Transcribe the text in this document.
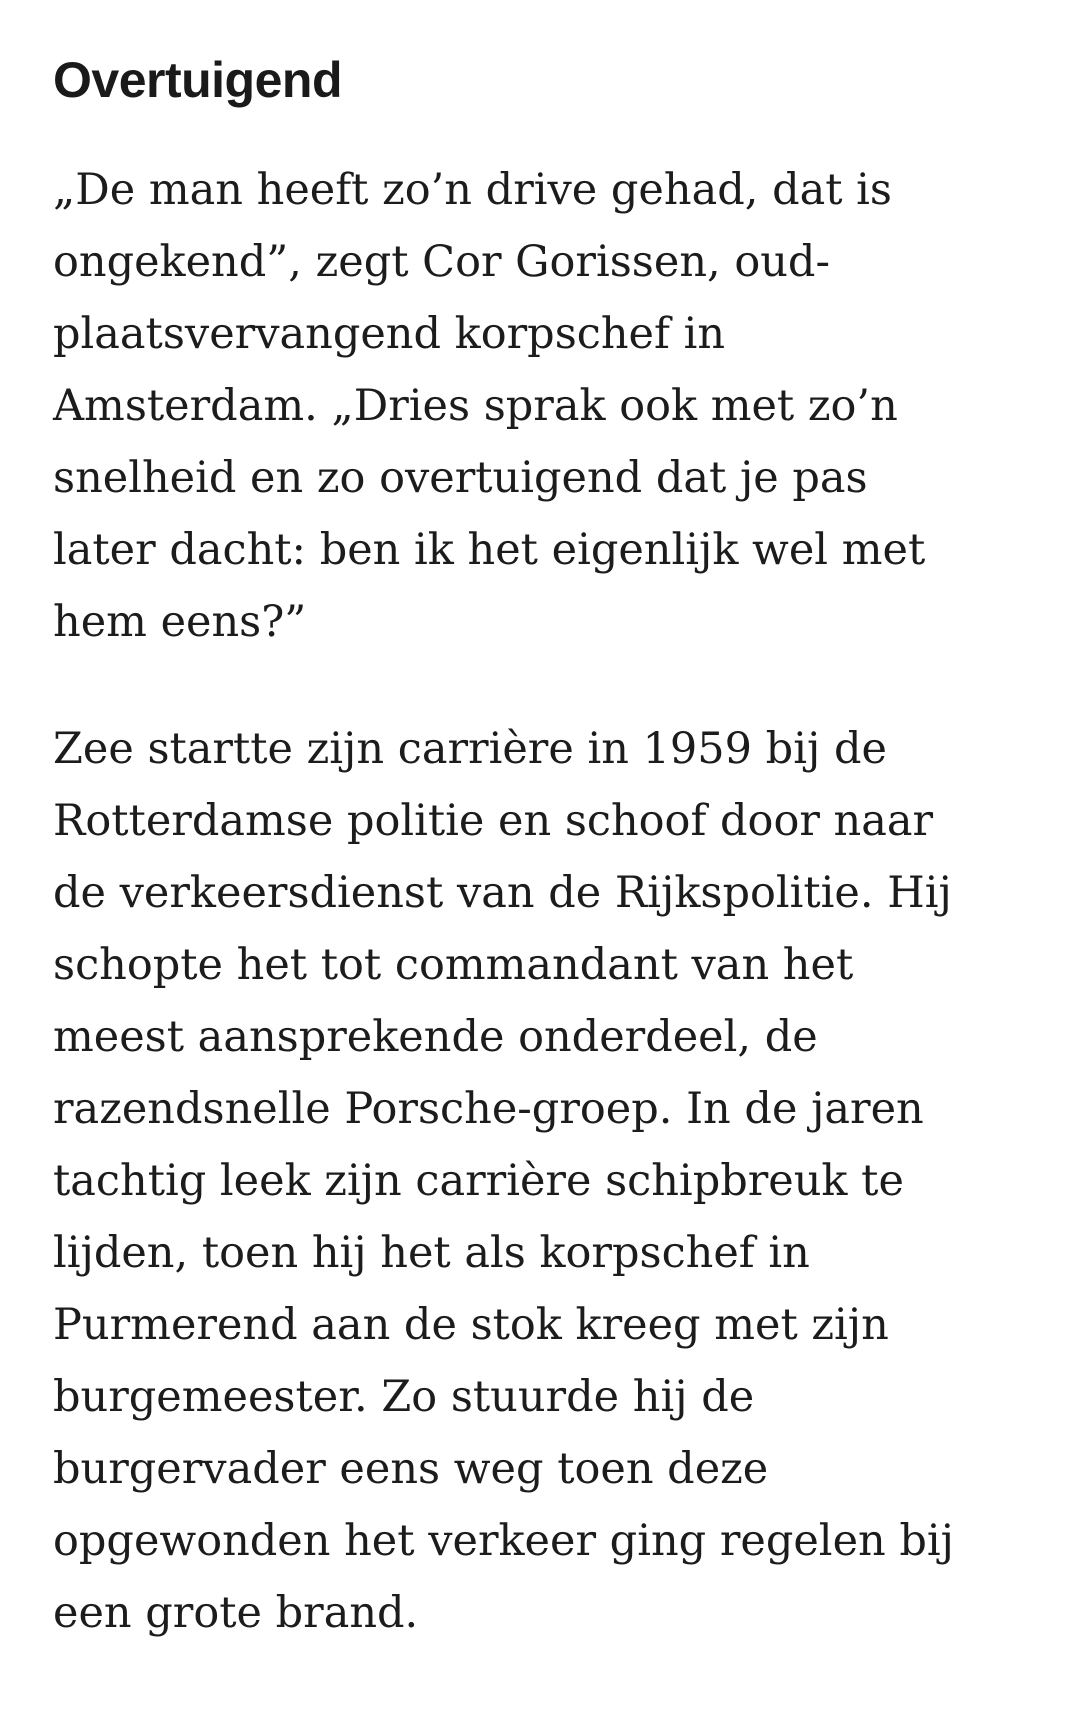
Overtuigend

„De man heeft zo’n drive gehad, dat is
ongekend”, zegt Cor Gorissen, oud-
plaatsvervangend korpschef in
Amsterdam. „Dries sprak ook met zo’n
snelheid en zo overtuigend dat je pas
later dacht: ben ik het eigenlijk wel met
hem eens?”

Zee startte zijn carrière in 1959 bij de
Rotterdamse politie en schoof door naar
de verkeersdienst van de Rijkspolitie. Hij
schopte het tot commandant van het
meest aansprekende onderdeel, de
razendsnelle Porsche-groep. In de jaren
tachtig leek zijn carrière schipbreuk te
lijden, toen hij het als korpschef in
Purmerend aan de stok kreeg met zijn
burgemeester. Zo stuurde hij de
burgervader eens weg toen deze
opgewonden het verkeer ging regelen bij
een grote brand.
